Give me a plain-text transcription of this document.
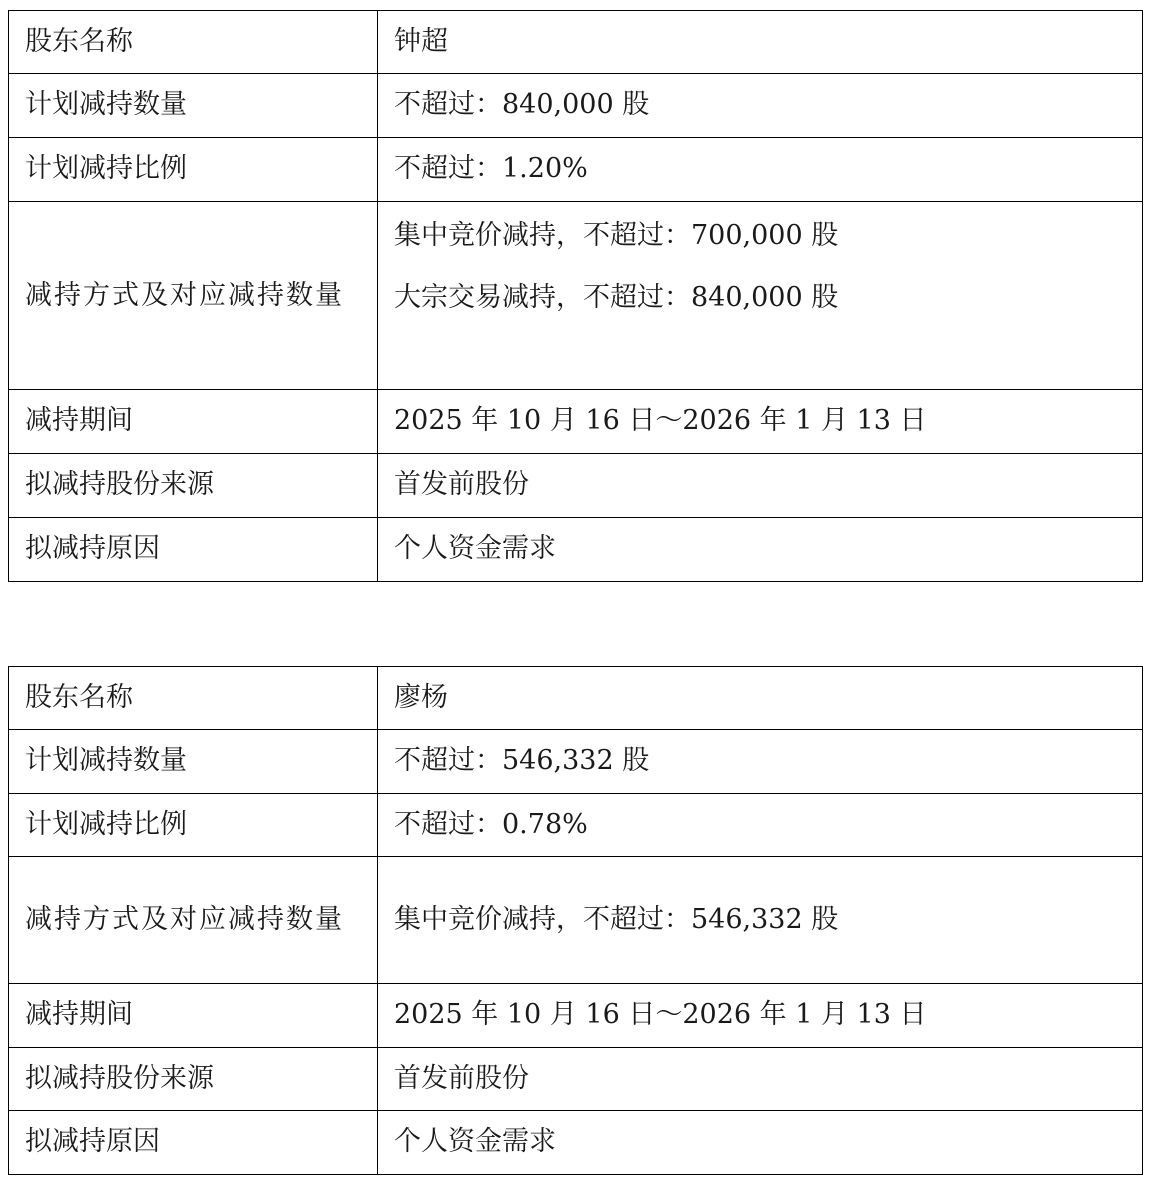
股东名称	钟超
计划减持数量	不超过：840,000 股
计划减持比例	不超过：1.20%
减持方式及对应减持数量	集中竞价减持，不超过：700,000 股
大宗交易减持，不超过：840,000 股

减持期间	2025 年 10 月 16 日～2026 年 1 月 13 日
拟减持股份来源	首发前股份
拟减持原因	个人资金需求
股东名称	廖杨
计划减持数量	不超过：546,332 股
计划减持比例	不超过：0.78%
减持方式及对应减持数量	集中竞价减持，不超过：546,332 股

减持期间	2025 年 10 月 16 日～2026 年 1 月 13 日
拟减持股份来源	首发前股份
拟减持原因	个人资金需求
